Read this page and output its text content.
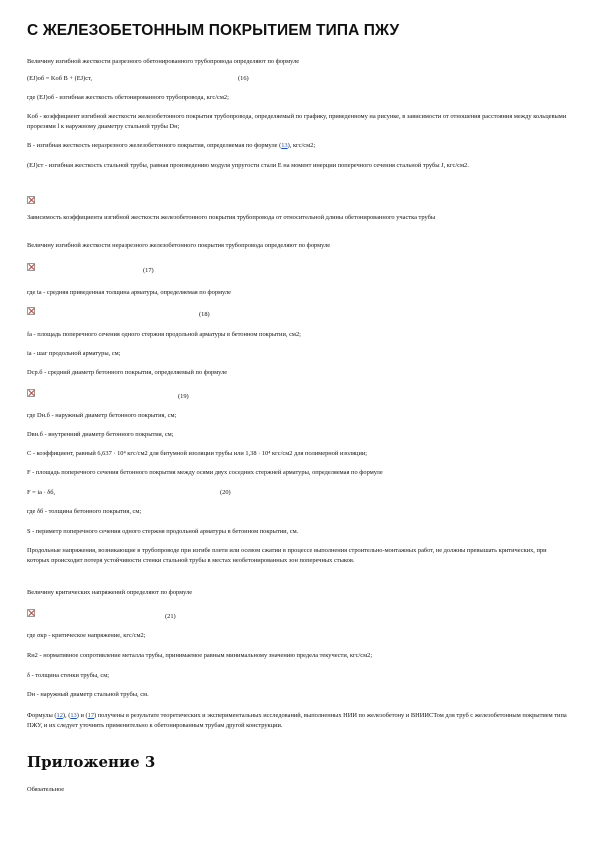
С ЖЕЛЕЗОБЕТОННЫМ ПОКРЫТИЕМ ТИПА ПЖУ
Величину изгибной жесткости разрезного обетонированного трубопровода определяют по формуле
(EJ)об = Kоб B + (EJ)ст,	(16)
где (EJ)об - изгибная жесткость обетонированного трубопровода, кгс/см2;
Kоб - коэффициент изгибной жесткости железобетонного покрытия трубопровода, определяемый по графику, приведенному на рисунке, в зависимости от отношения расстояния между кольцевыми прорезями l к наружному диаметру стальной трубы Dн;
B - изгибная жесткость неразрезного железобетонного покрытия, определяемая по формуле (13), кгс/см2;
(EJ)ст - изгибная жесткость стальной трубы, равная произведению модуля упругости стали E на момент инерции поперечного сечения стальной трубы J, кгс/см2.
Зависимость коэффициента изгибной жесткости железобетонного покрытия трубопровода от относительной длины обетонированного участка трубы
Величину изгибной жесткости неразрезного железобетонного покрытия трубопровода определяют по формуле
(17)
где tа - средняя приведенная толщина арматуры, определяемая по формуле
(18)
fа - площадь поперечного сечения одного стержня продольной арматуры в бетонном покрытии, см2;
iа - шаг продольной арматуры, см;
Dср.б - средний диаметр бетонного покрытия, определяемый по формуле
(19)
где Dн.б - наружный диаметр бетонного покрытия, см;
Dвн.б - внутренний диаметр бетонного покрытия, см;
C - коэффициент, равный 6,637 · 10⁴ кгс/см2 для битумной изоляции трубы или 1,38 · 10⁴ кгс/см2 для полимерной изоляции;
F - площадь поперечного сечения бетонного покрытия между осями двух соседних стержней арматуры, определяемая по формуле
F = iа · δб,	(20)
где δб - толщина бетонного покрытия, см;
S - периметр поперечного сечения одного стержня продольной арматуры в бетонном покрытии, см.
Продольные напряжения, возникающие в трубопроводе при изгибе плети или осевом сжатии в процессе выполнения строительно-монтажных работ, не должны превышать критических, при которых происходит потеря устойчивости стенки стальной трубы в местах необетонированных зон поперечных стыков.
Величину критических напряжений определяют по формуле
(21)
где σкр - критическое напряжение, кгс/см2;
Rн2 - нормативное сопротивление металла трубы, принимаемое равным минимальному значению предела текучести, кгс/см2;
δ - толщина стенки трубы, см;
Dн - наружный диаметр стальной трубы, см.
Формулы (12), (13) и (17) получены в результате теоретических и экспериментальных исследований, выполненных НИИ по железобетону и ВНИИСТом для труб с железобетонным покрытием типа ПЖУ, и их следует уточнить применительно к обетонированным трубам другой конструкции.
Приложение 3
Обязательное
